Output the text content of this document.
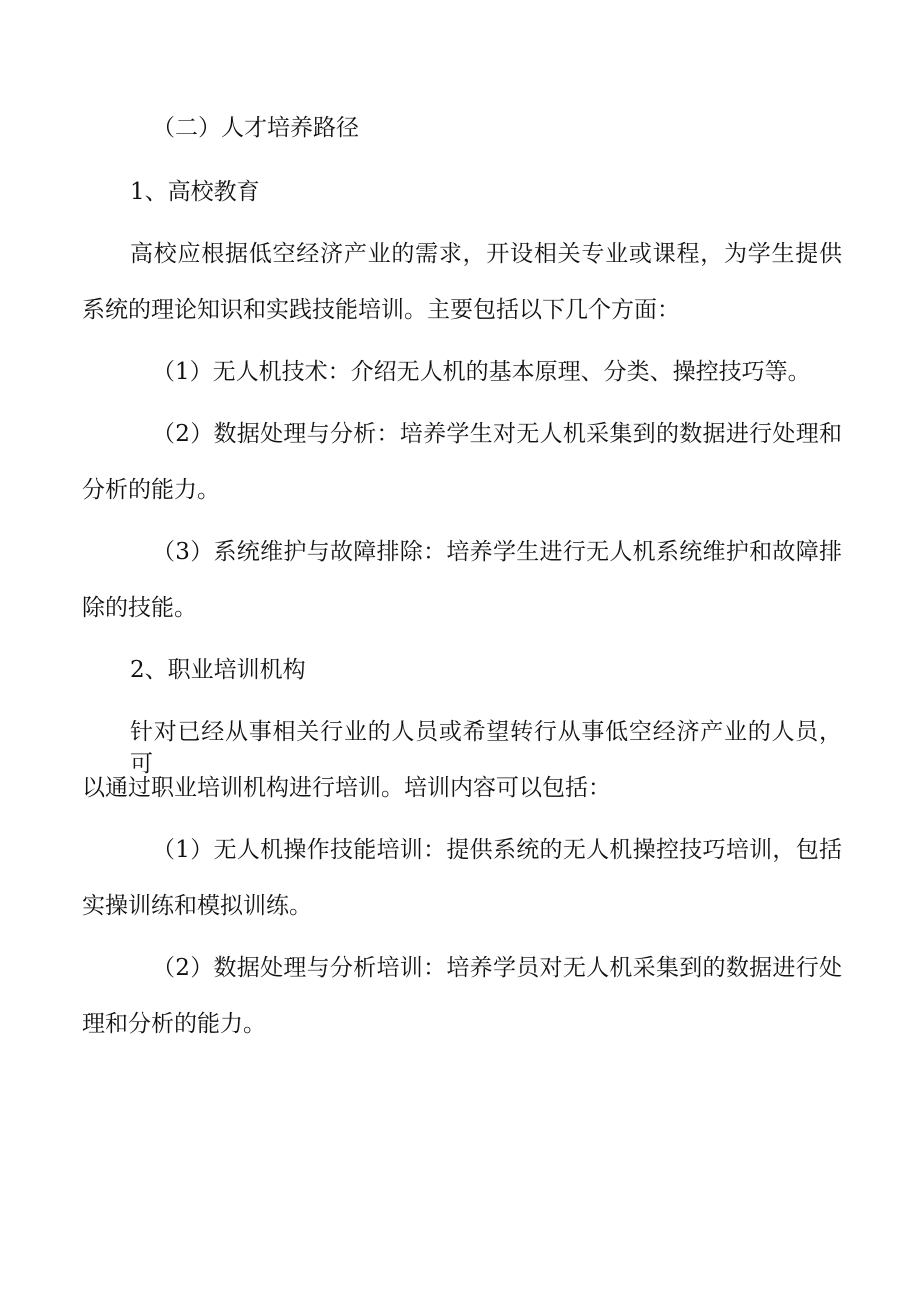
（二）人才培养路径

1、高校教育

高校应根据低空经济产业的需求，开设相关专业或课程，为学生提供

系统的理论知识和实践技能培训。主要包括以下几个方面：

（1）无人机技术：介绍无人机的基本原理、分类、操控技巧等。

（2）数据处理与分析：培养学生对无人机采集到的数据进行处理和

分析的能力。

（3）系统维护与故障排除：培养学生进行无人机系统维护和故障排

除的技能。

2、职业培训机构

针对已经从事相关行业的人员或希望转行从事低空经济产业的人员，可

以通过职业培训机构进行培训。培训内容可以包括：

（1）无人机操作技能培训：提供系统的无人机操控技巧培训，包括

实操训练和模拟训练。

（2）数据处理与分析培训：培养学员对无人机采集到的数据进行处

理和分析的能力。
